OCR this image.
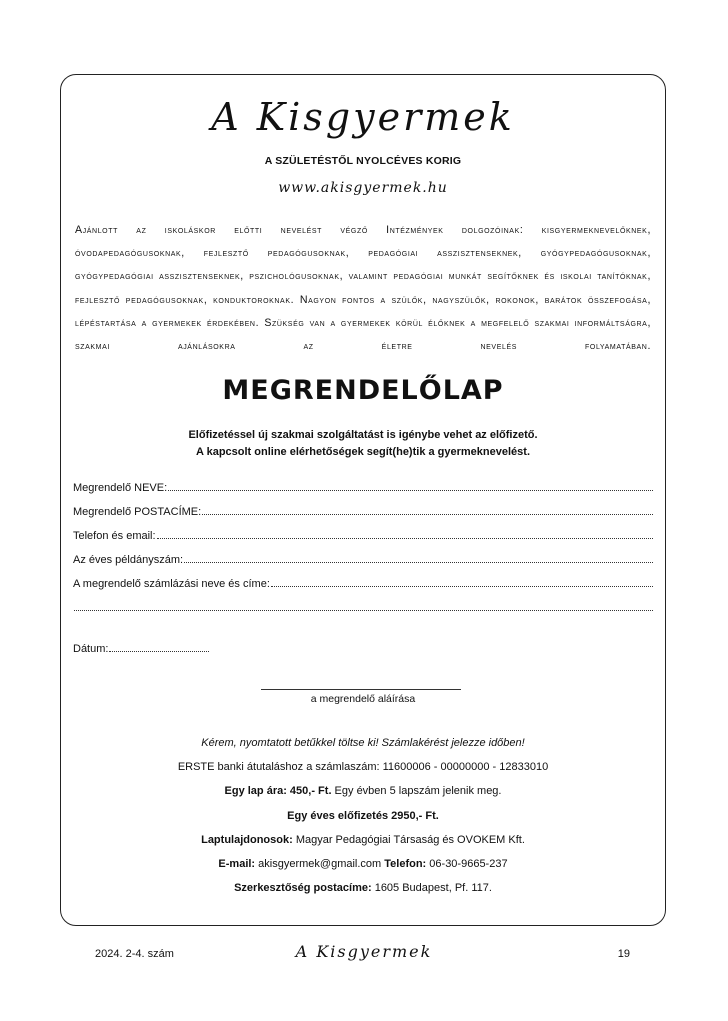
A Kisgyermek
A SZÜLETÉSTŐL NYOLCÉVES KORIG
www.akisgyermek.hu
Ajánlott az iskoláskor előtti nevelést végző Intézmények dolgozóinak: kisgyermeknevelőknek, óvodapedagógusoknak, fejlesztő pedagógusoknak, pedagógiai asszisztenseknek, gyógypedagógusoknak, gyógypedagógiai asszisztenseknek, pszichológusoknak, valamint pedagógiai munkát segítőknek és iskolai tanítóknak, fejlesztő pedagógusoknak, konduktoroknak. Nagyon fontos a szülők, nagyszülők, rokonok, barátok összefogása, lépéstartása a gyermekek érdekében. Szükség van a gyermekek körül élőknek a megfelelő szakmai informáltságra, szakmai ajánlásokra az életre nevelés folyamatában.
MEGRENDELŐLAP
Előfizetéssel új szakmai szolgáltatást is igénybe vehet az előfizető.
A kapcsolt online elérhetőségek segít(he)tik a gyermeknevelést.
Megrendelő NEVE:
Megrendelő POSTACÍME:
Telefon és email:
Az éves példányszám:
A megrendelő számlázási neve és címe:
Dátum:
a megrendelő aláírása
Kérem, nyomtatott betűkkel töltse ki! Számlakérést jelezze időben!
ERSTE banki átutaláshoz a számlaszám: 11600006 - 00000000 - 12833010
Egy lap ára: 450,- Ft. Egy évben 5 lapszám jelenik meg.
Egy éves előfizetés 2950,- Ft.
Laptulajdonosok: Magyar Pedagógiai Társaság és OVOKEM Kft.
E-mail: akisgyermek@gmail.com Telefon: 06-30-9665-237
Szerkesztőség postacíme: 1605 Budapest, Pf. 117.
2024. 2-4. szám	A Kisgyermek	19
